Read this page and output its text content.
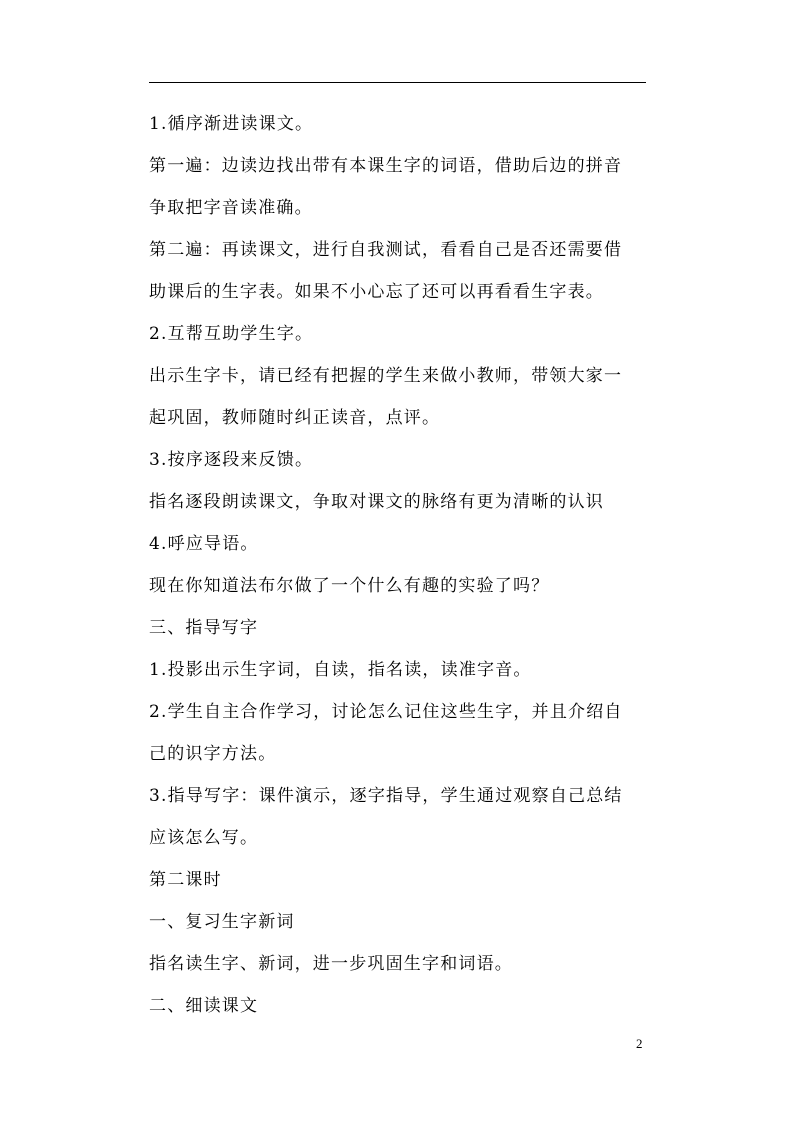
1.循序渐进读课文。
第一遍：边读边找出带有本课生字的词语，借助后边的拼音
争取把字音读准确。
第二遍：再读课文，进行自我测试，看看自己是否还需要借
助课后的生字表。如果不小心忘了还可以再看看生字表。
2.互帮互助学生字。
出示生字卡，请已经有把握的学生来做小教师，带领大家一
起巩固，教师随时纠正读音，点评。
3.按序逐段来反馈。
指名逐段朗读课文，争取对课文的脉络有更为清晰的认识
4.呼应导语。
现在你知道法布尔做了一个什么有趣的实验了吗？
三、指导写字
1.投影出示生字词，自读，指名读，读准字音。
2.学生自主合作学习，讨论怎么记住这些生字，并且介绍自
己的识字方法。
3.指导写字：课件演示，逐字指导，学生通过观察自己总结
应该怎么写。
第二课时
一、复习生字新词
指名读生字、新词，进一步巩固生字和词语。
二、细读课文
2
